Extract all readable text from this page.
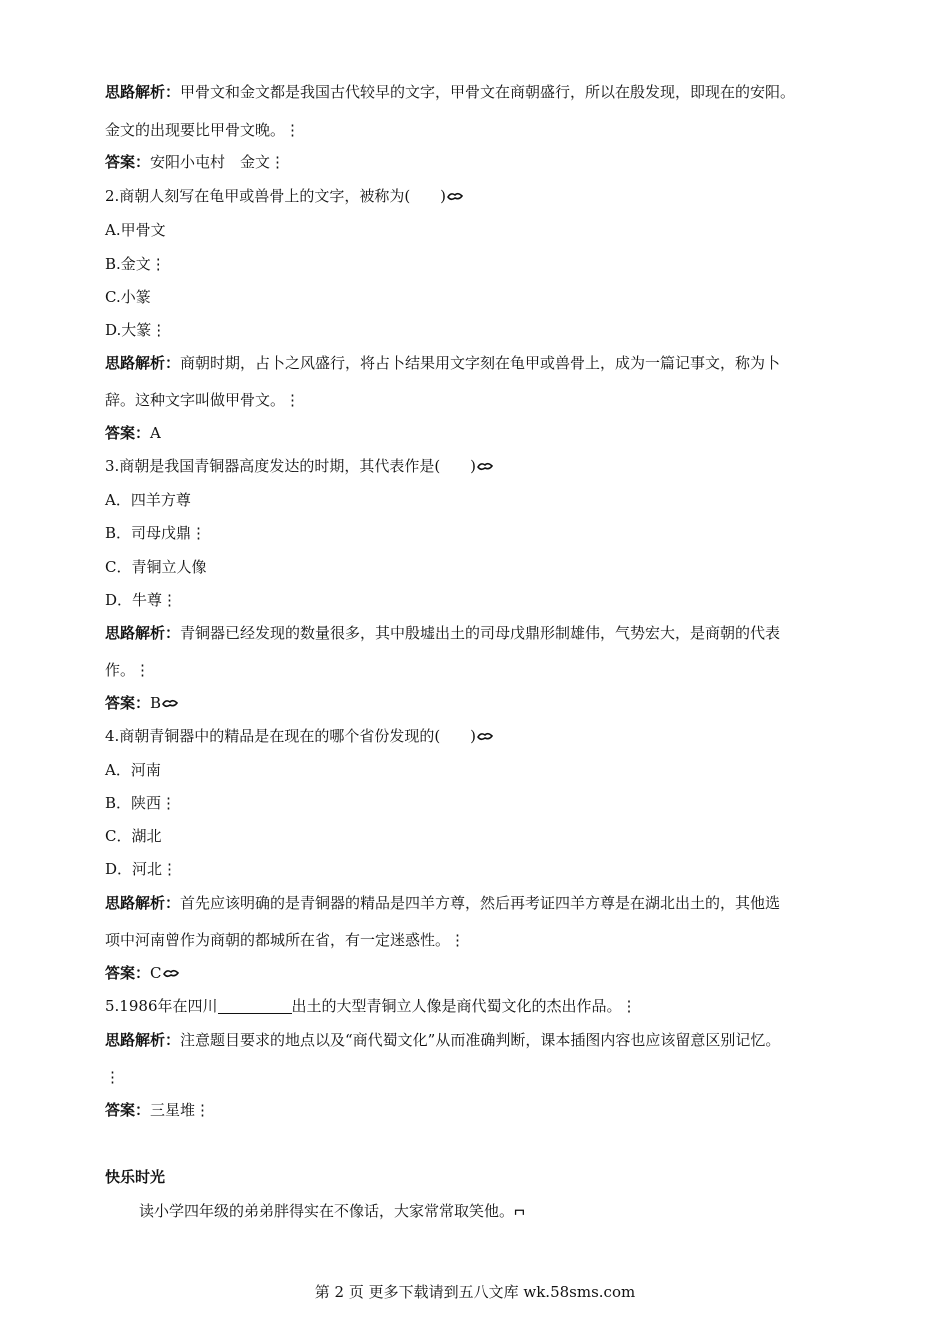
思路解析：甲骨文和金文都是我国古代较早的文字，甲骨文在商朝盛行，所以在殷发现，即现在的安阳。
金文的出现要比甲骨文晚。⋮
答案：安阳小屯村　金文⋮
2.商朝人刻写在龟甲或兽骨上的文字，被称为(　　)
A.甲骨文
B.金文⋮
C.小篆
D.大篆⋮
思路解析：商朝时期，占卜之风盛行，将占卜结果用文字刻在龟甲或兽骨上，成为一篇记事文，称为卜
辞。这种文字叫做甲骨文。⋮
答案：A
3.商朝是我国青铜器高度发达的时期，其代表作是(　　)
A．四羊方尊
B．司母戊鼎⋮
C．青铜立人像
D．牛尊⋮
思路解析：青铜器已经发现的数量很多，其中殷墟出土的司母戊鼎形制雄伟，气势宏大，是商朝的代表
作。⋮
答案：B
4.商朝青铜器中的精品是在现在的哪个省份发现的(　　)
A．河南
B．陕西⋮
C．湖北
D．河北⋮
思路解析：首先应该明确的是青铜器的精品是四羊方尊，然后再考证四羊方尊是在湖北出土的，其他选
项中河南曾作为商朝的都城所在省，有一定迷惑性。⋮
答案：C
5.1986年在四川	出土的大型青铜立人像是商代蜀文化的杰出作品。⋮
思路解析：注意题目要求的地点以及“商代蜀文化”从而准确判断，课本插图内容也应该留意区别记忆。
⋮
答案：三星堆⋮
快乐时光
读小学四年级的弟弟胖得实在不像话，大家常常取笑他。
第 2 页 更多下载请到五八文库 wk.58sms.com
